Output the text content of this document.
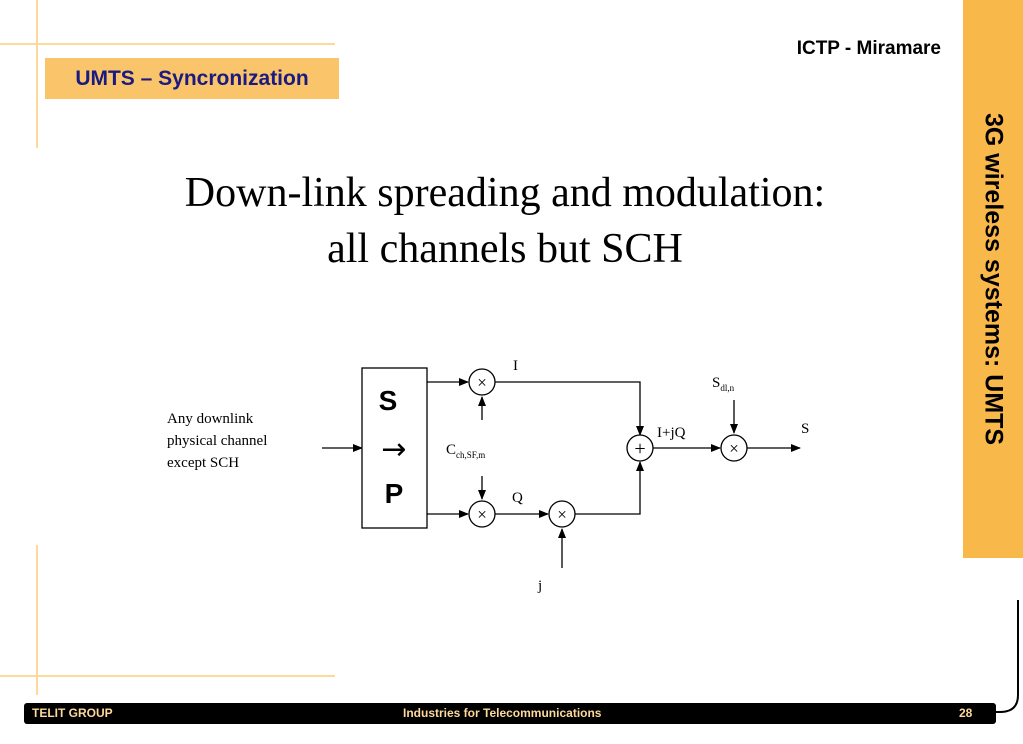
UMTS – Syncronization
ICTP - Miramare
3G wireless systems: UMTS
Down-link spreading and modulation:
all channels but SCH
Any downlink
physical channel
except SCH
S
→
P
×
I
$C_{ch,SF,m}$
×
Q
×
j
+
I+jQ
×
$S_{dl,n}$
S
TELIT GROUP	Industries for Telecommunications	28
